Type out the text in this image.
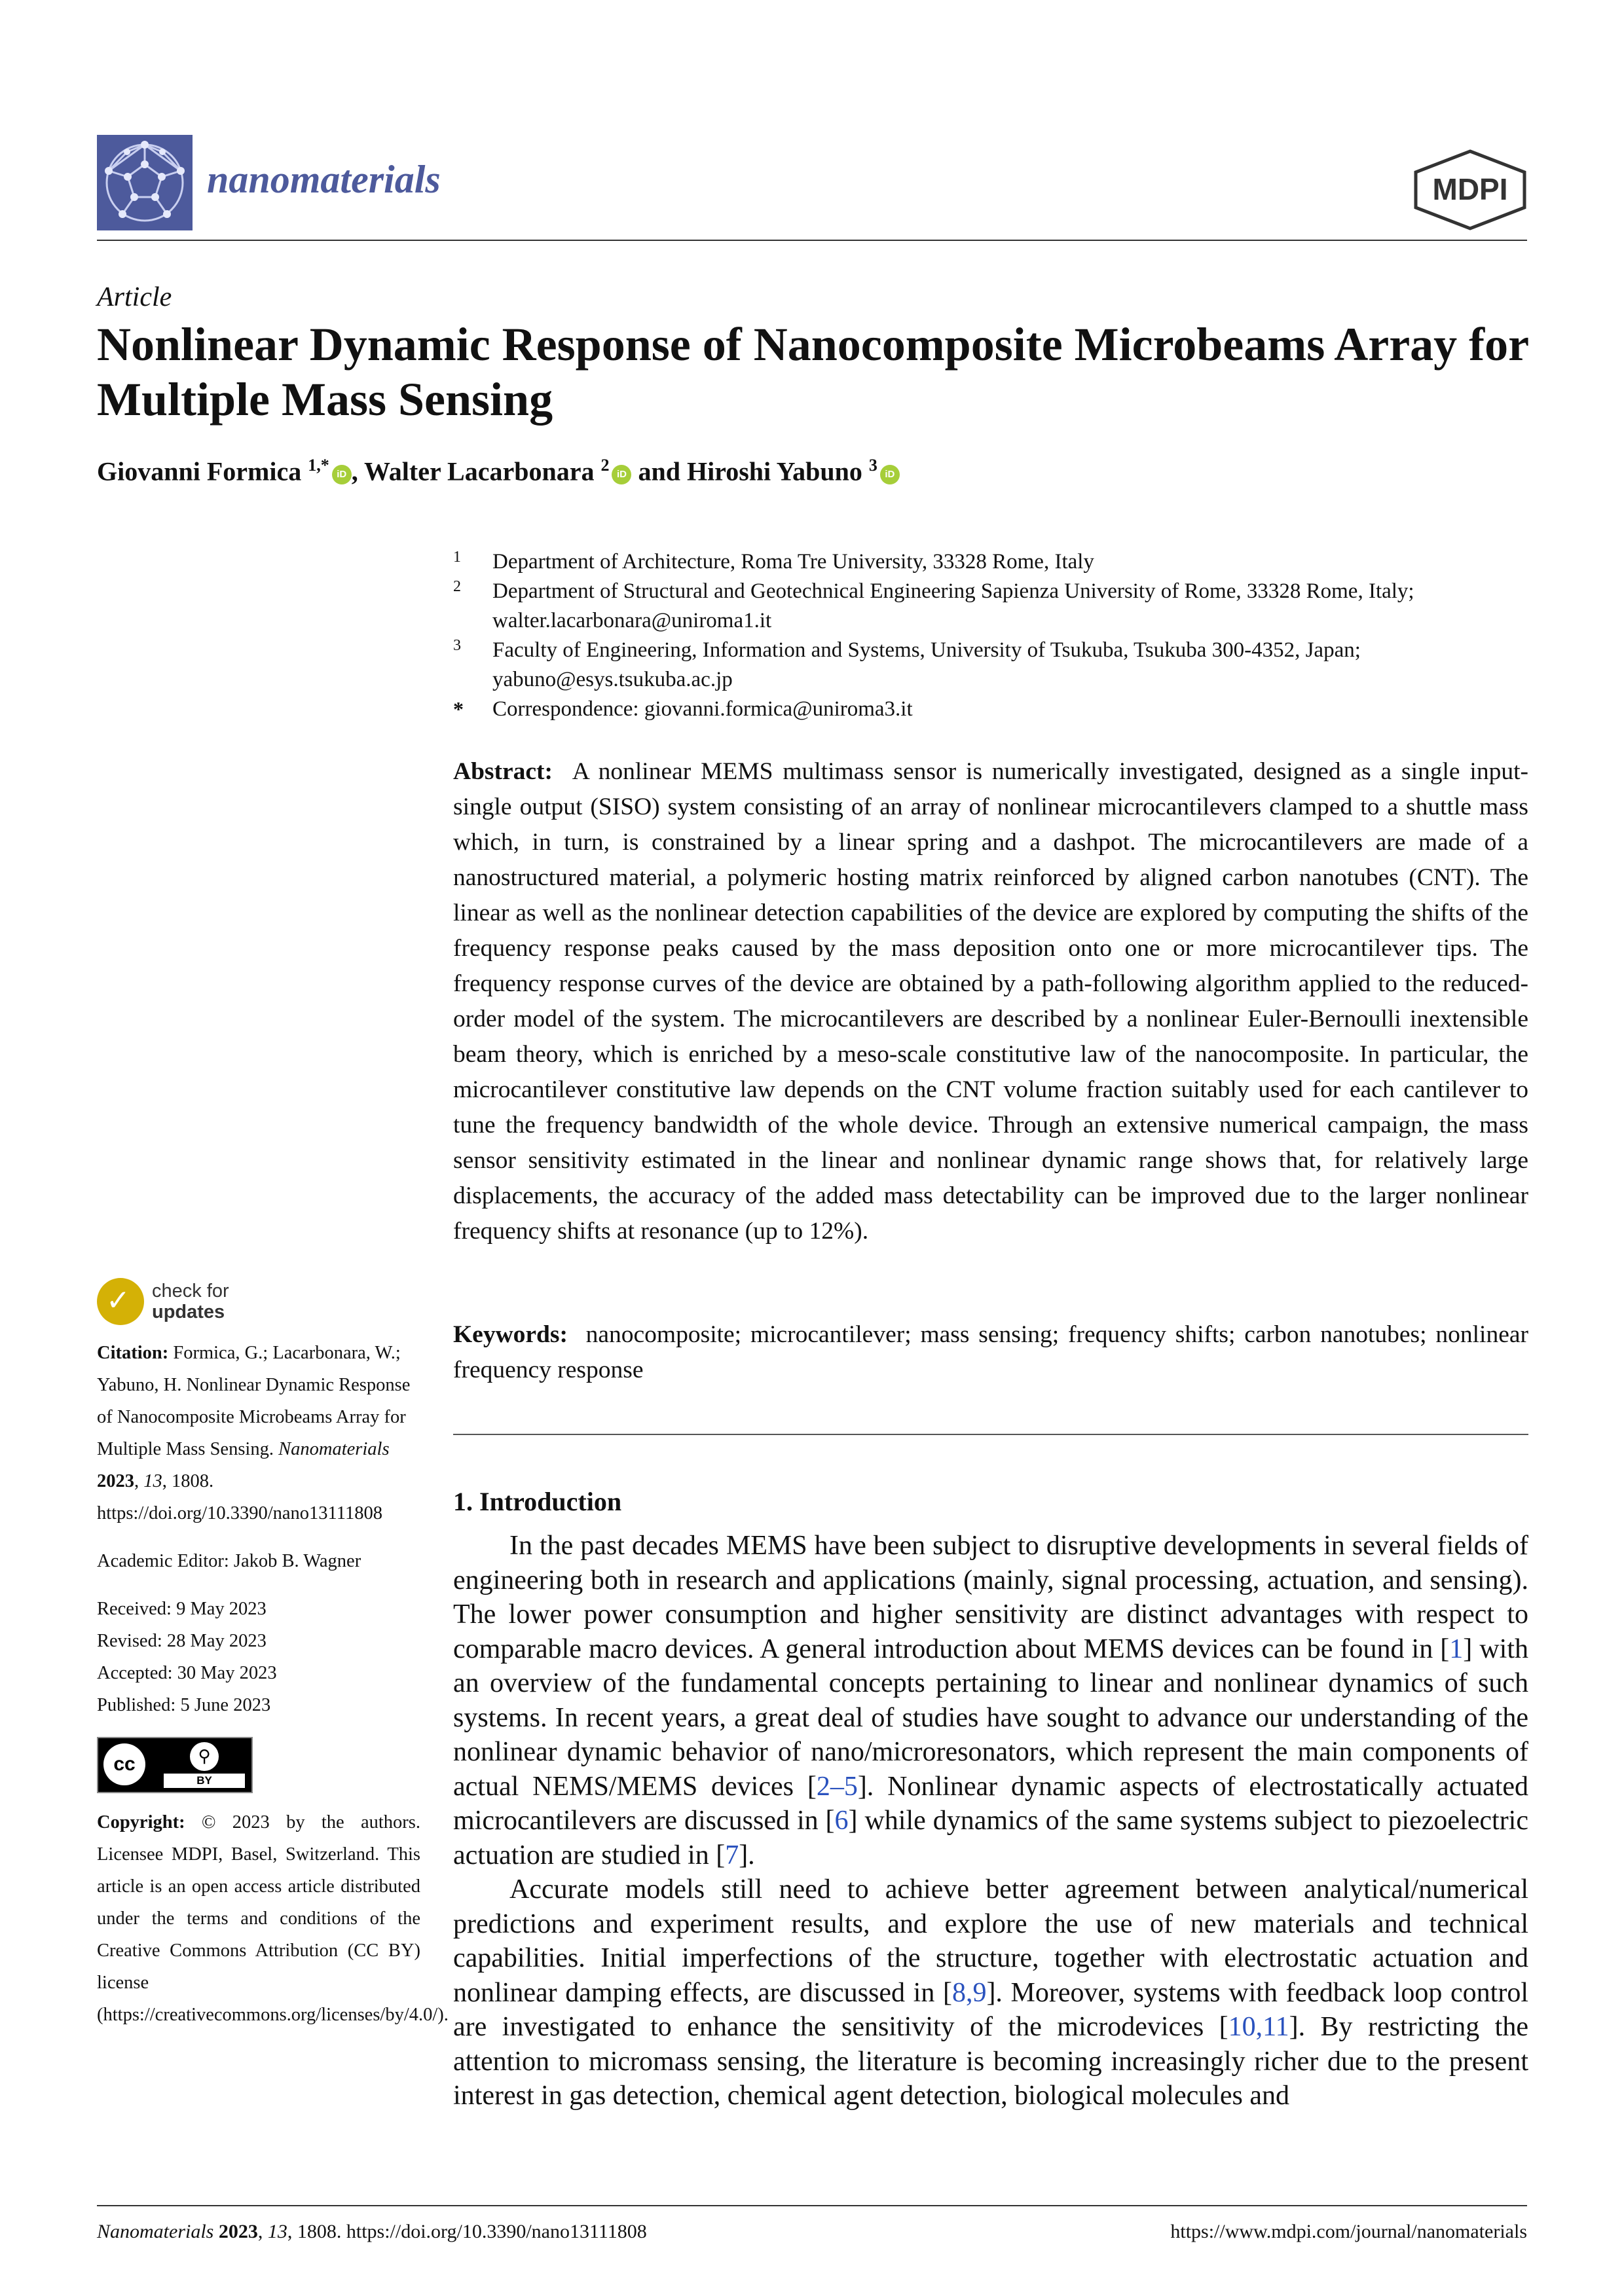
nanomaterials	MDPI
Article
Nonlinear Dynamic Response of Nanocomposite Microbeams Array for Multiple Mass Sensing
Giovanni Formica $^{1,*}$ iD , Walter Lacarbonara $^2$ iD and Hiroshi Yabuno $^3$ iD
1	Department of Architecture, Roma Tre University, 33328 Rome, Italy
2	Department of Structural and Geotechnical Engineering Sapienza University of Rome, 33328 Rome, Italy; walter.lacarbonara@uniroma1.it
3	Faculty of Engineering, Information and Systems, University of Tsukuba, Tsukuba 300-4352, Japan; yabuno@esys.tsukuba.ac.jp
*	Correspondence: giovanni.formica@uniroma3.it
Abstract: A nonlinear MEMS multimass sensor is numerically investigated, designed as a single input-single output (SISO) system consisting of an array of nonlinear microcantilevers clamped to a shuttle mass which, in turn, is constrained by a linear spring and a dashpot. The microcantilevers are made of a nanostructured material, a polymeric hosting matrix reinforced by aligned carbon nanotubes (CNT). The linear as well as the nonlinear detection capabilities of the device are explored by computing the shifts of the frequency response peaks caused by the mass deposition onto one or more microcantilever tips. The frequency response curves of the device are obtained by a path-following algorithm applied to the reduced-order model of the system. The microcantilevers are described by a nonlinear Euler-Bernoulli inextensible beam theory, which is enriched by a meso-scale constitutive law of the nanocomposite. In particular, the microcantilever constitutive law depends on the CNT volume fraction suitably used for each cantilever to tune the frequency bandwidth of the whole device. Through an extensive numerical campaign, the mass sensor sensitivity estimated in the linear and nonlinear dynamic range shows that, for relatively large displacements, the accuracy of the added mass detectability can be improved due to the larger nonlinear frequency shifts at resonance (up to 12%).
Keywords: nanocomposite; microcantilever; mass sensing; frequency shifts; carbon nanotubes; nonlinear frequency response
1. Introduction

In the past decades MEMS have been subject to disruptive developments in several fields of engineering both in research and applications (mainly, signal processing, actuation, and sensing). The lower power consumption and higher sensitivity are distinct advantages with respect to comparable macro devices. A general introduction about MEMS devices can be found in [1] with an overview of the fundamental concepts pertaining to linear and nonlinear dynamics of such systems. In recent years, a great deal of studies have sought to advance our understanding of the nonlinear dynamic behavior of nano/microresonators, which represent the main components of actual NEMS/MEMS devices [2–5]. Nonlinear dynamic aspects of electrostatically actuated microcantilevers are discussed in [6] while dynamics of the same systems subject to piezoelectric actuation are studied in [7].

Accurate models still need to achieve better agreement between analytical/numerical predictions and experiment results, and explore the use of new materials and technical capabilities. Initial imperfections of the structure, together with electrostatic actuation and nonlinear damping effects, are discussed in [8,9]. Moreover, systems with feedback loop control are investigated to enhance the sensitivity of the microdevices [10,11]. By restricting the attention to micromass sensing, the literature is becoming increasingly richer due to the present interest in gas detection, chemical agent detection, biological molecules and

✓ check for
updates

Citation: Formica, G.; Lacarbonara, W.; Yabuno, H. Nonlinear Dynamic Response of Nanocomposite Microbeams Array for Multiple Mass Sensing. Nanomaterials 2023, 13, 1808. https://doi.org/10.3390/nano13111808

Academic Editor: Jakob B. Wagner

Received: 9 May 2023
Revised: 28 May 2023
Accepted: 30 May 2023
Published: 5 June 2023
cc	⚲
BY

Copyright: © 2023 by the authors. Licensee MDPI, Basel, Switzerland. This article is an open access article distributed under the terms and conditions of the Creative Commons Attribution (CC BY) license (https://creativecommons.org/licenses/by/4.0/).

Nanomaterials 2023, 13, 1808. https://doi.org/10.3390/nano13111808	https://www.mdpi.com/journal/nanomaterials
